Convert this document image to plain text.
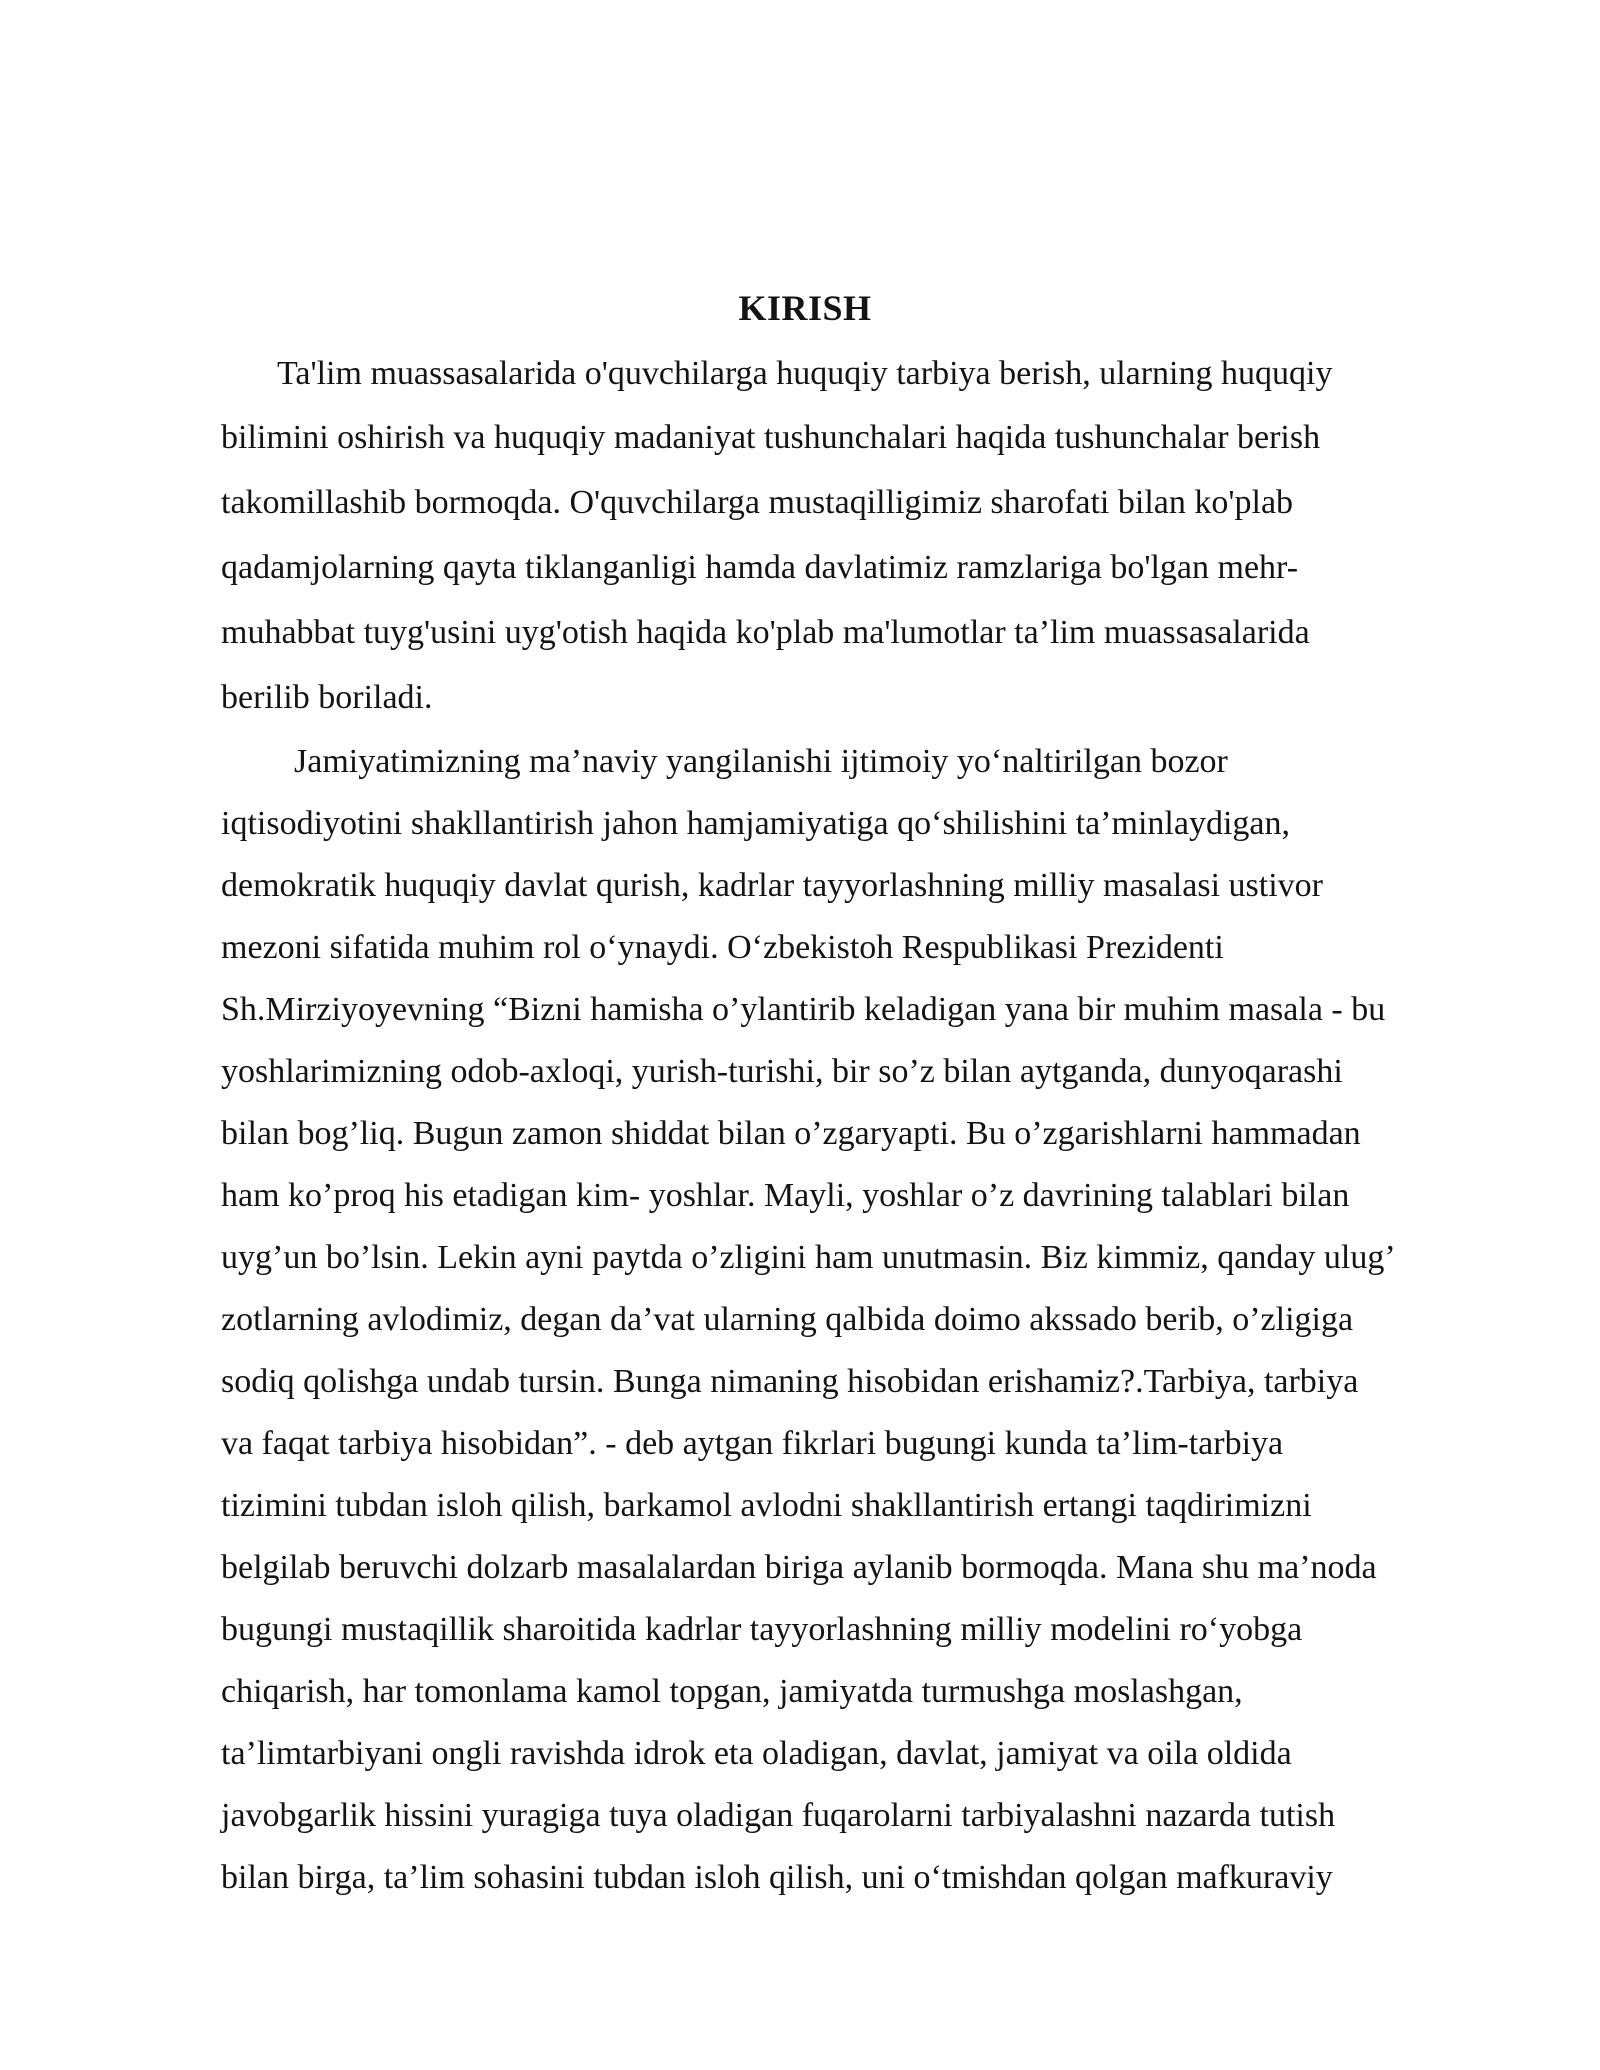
KIRISH
Ta'lim muassasalarida o'quvchilarga huquqiy tarbiya berish, ularning huquqiy
bilimini oshirish va huquqiy madaniyat tushunchalari haqida tushunchalar berish
takomillashib bormoqda. O'quvchilarga mustaqilligimiz sharofati bilan ko'plab
qadamjolarning qayta tiklanganligi hamda davlatimiz ramzlariga bo'lgan mehr-
muhabbat tuyg'usini uyg'otish haqida ko'plab ma'lumotlar ta’lim muassasalarida
berilib boriladi.
Jamiyatimizning ma’naviy yangilanishi ijtimoiy yo‘naltirilgan bozor
iqtisodiyotini shakllantirish jahon hamjamiyatiga qo‘shilishini ta’minlaydigan,
demokratik huquqiy davlat qurish, kadrlar tayyorlashning milliy masalasi ustivor
mezoni sifatida muhim rol o‘ynaydi. O‘zbekistoh Respublikasi Prezidenti
Sh.Mirziyoyevning “Bizni hamisha o’ylantirib keladigan yana bir muhim masala - bu
yoshlarimizning odob-axloqi, yurish-turishi, bir so’z bilan aytganda, dunyoqarashi
bilan bog’liq. Bugun zamon shiddat bilan o’zgaryapti. Bu o’zgarishlarni hammadan
ham ko’proq his etadigan kim- yoshlar. Mayli, yoshlar o’z davrining talablari bilan
uyg’un bo’lsin. Lekin ayni paytda o’zligini ham unutmasin. Biz kimmiz, qanday ulug’
zotlarning avlodimiz, degan da’vat ularning qalbida doimo akssado berib, o’zligiga
sodiq qolishga undab tursin. Bunga nimaning hisobidan erishamiz?.Tarbiya, tarbiya
va faqat tarbiya hisobidan”. - deb aytgan fikrlari bugungi kunda ta’lim-tarbiya
tizimini tubdan isloh qilish, barkamol avlodni shakllantirish ertangi taqdirimizni
belgilab beruvchi dolzarb masalalardan biriga aylanib bormoqda. Mana shu ma’noda
bugungi mustaqillik sharoitida kadrlar tayyorlashning milliy modelini ro‘yobga
chiqarish, har tomonlama kamol topgan, jamiyatda turmushga moslashgan,
ta’limtarbiyani ongli ravishda idrok eta oladigan, davlat, jamiyat va oila oldida
javobgarlik hissini yuragiga tuya oladigan fuqarolarni tarbiyalashni nazarda tutish
bilan birga, ta’lim sohasini tubdan isloh qilish, uni o‘tmishdan qolgan mafkuraviy
